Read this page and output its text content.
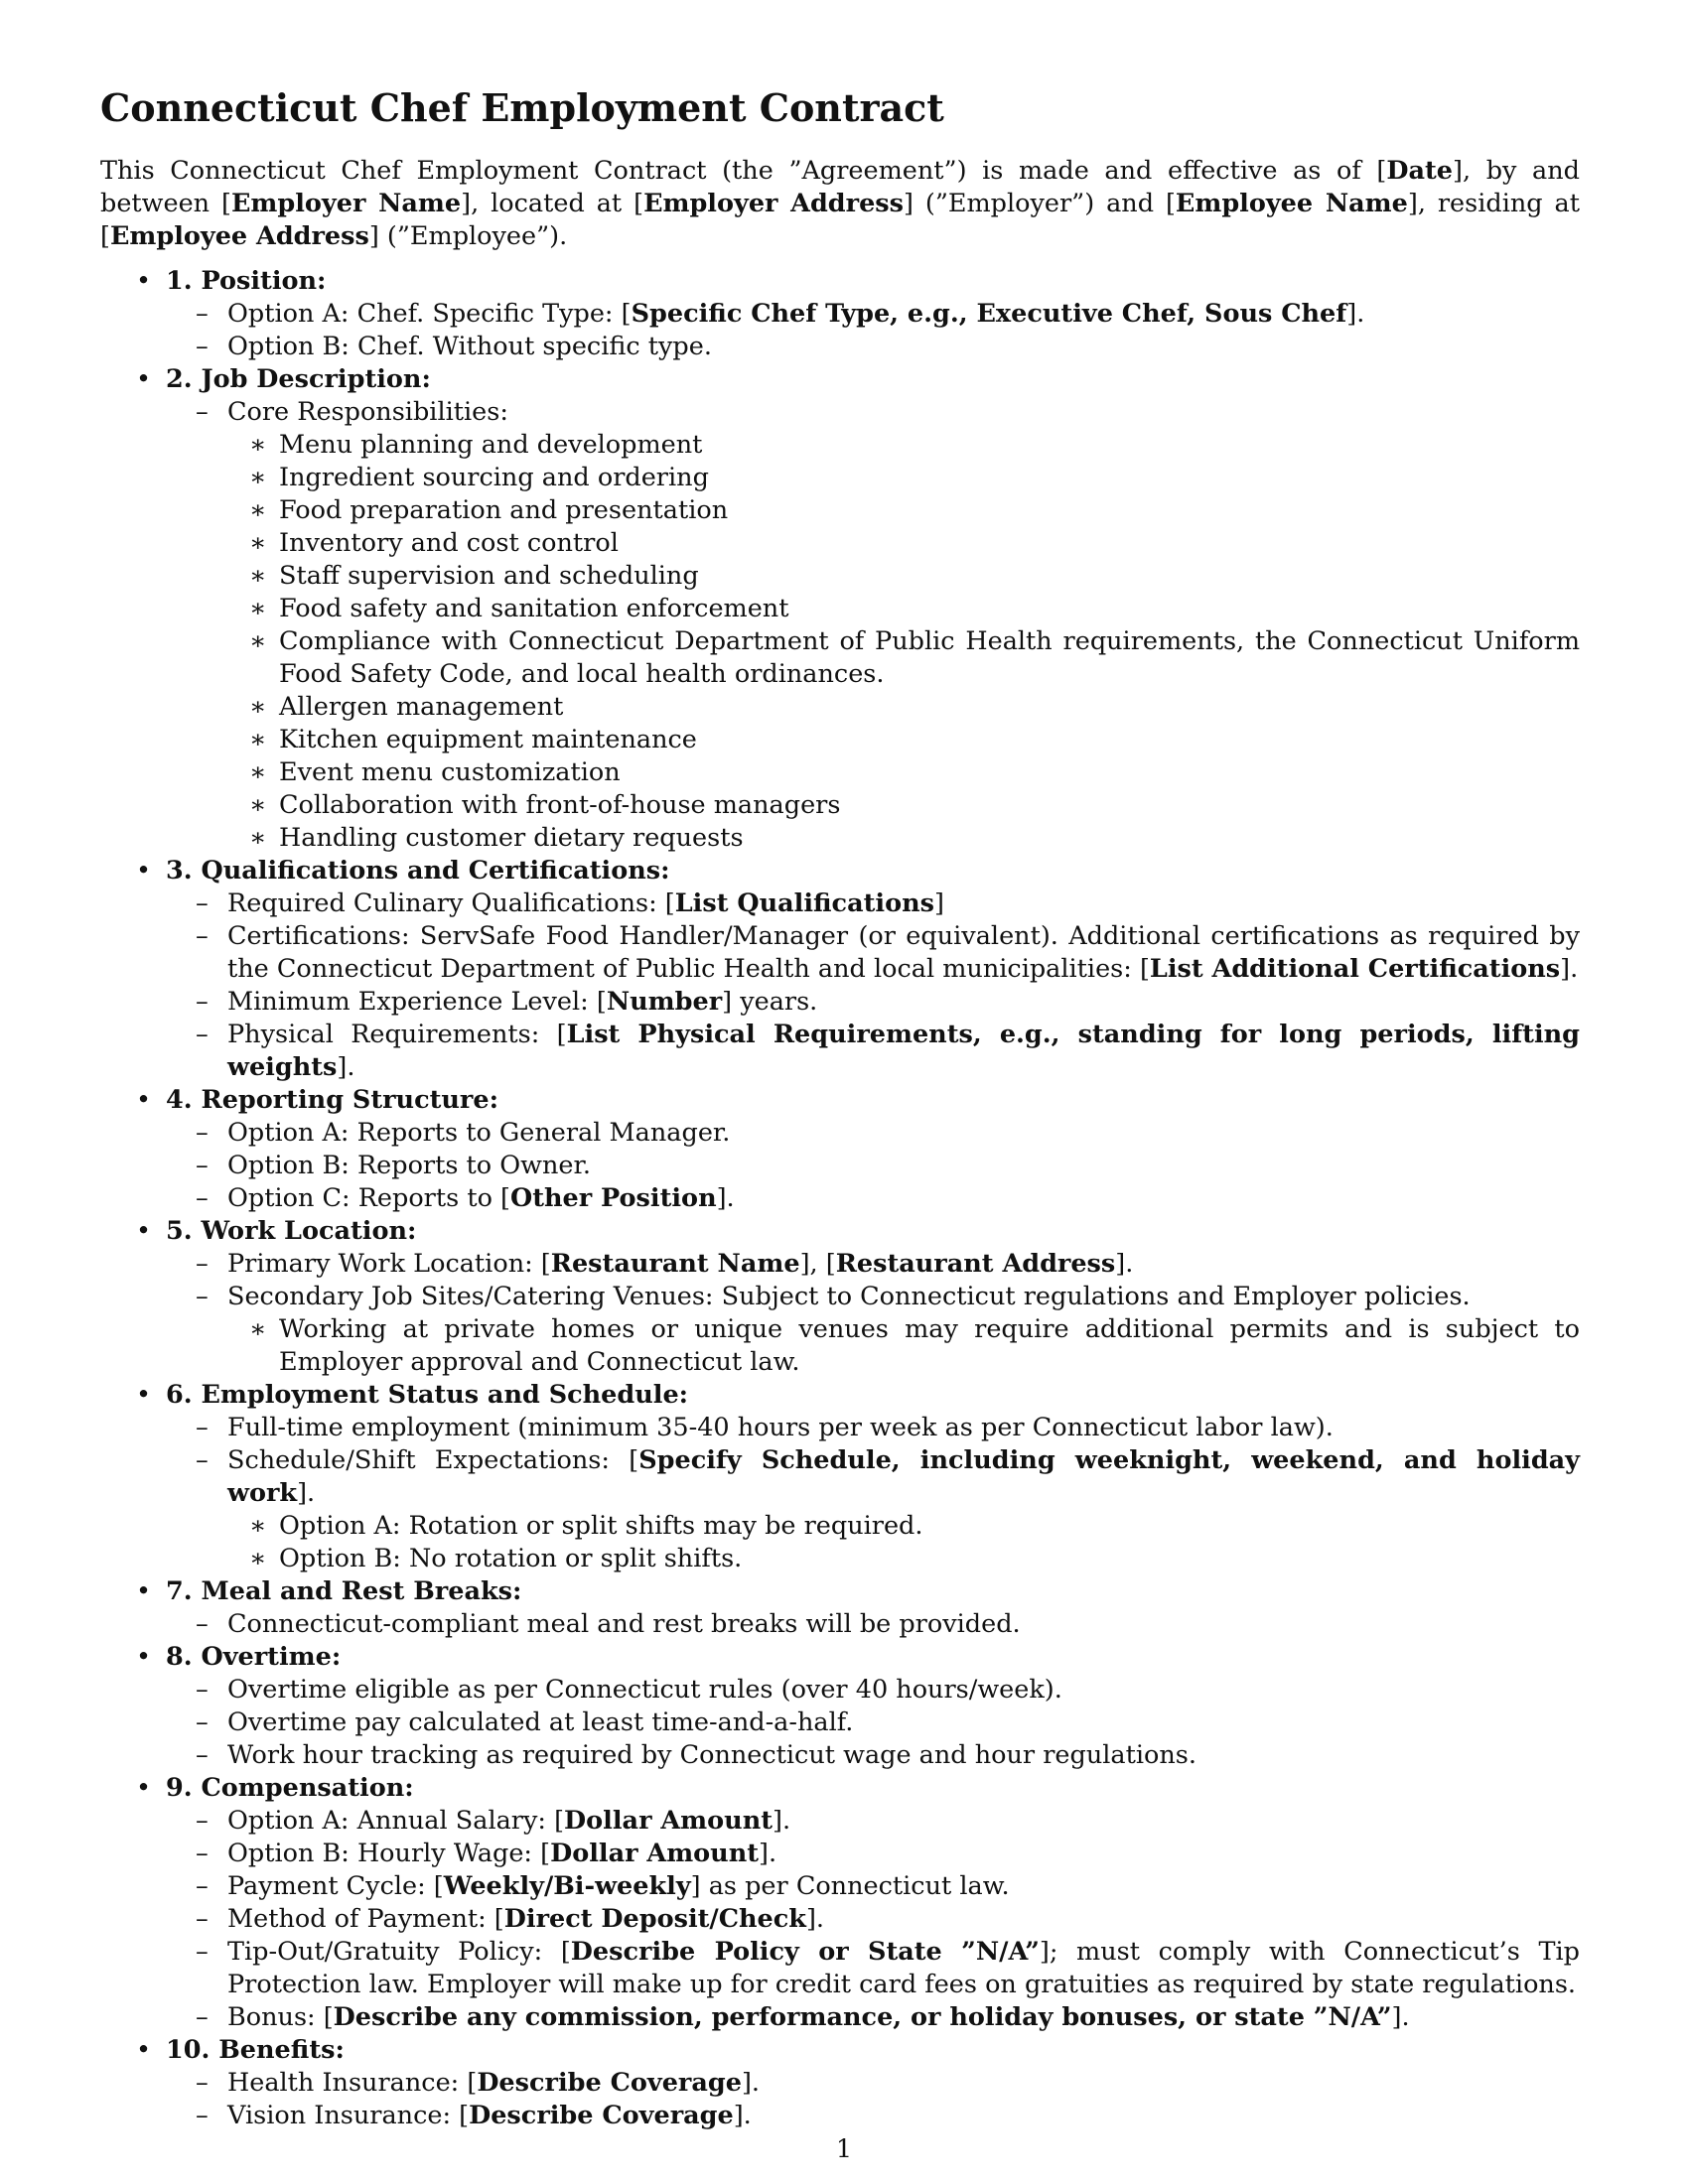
Connecticut Chef Employment Contract

This Connecticut Chef Employment Contract (the ”Agreement”) is made and effective as of [Date], by and between [Employer Name], located at [Employer Address] (”Employer”) and [Employee Name], residing at [Employee Address] (”Employee”).

• 1. Position:
– Option A: Chef. Specific Type: [Specific Chef Type, e.g., Executive Chef, Sous Chef].
– Option B: Chef. Without specific type.
• 2. Job Description:
– Core Responsibilities:
∗ Menu planning and development
∗ Ingredient sourcing and ordering
∗ Food preparation and presentation
∗ Inventory and cost control
∗ Staff supervision and scheduling
∗ Food safety and sanitation enforcement
∗ Compliance with Connecticut Department of Public Health requirements, the Connecticut Uniform Food Safety Code, and local health ordinances.
∗ Allergen management
∗ Kitchen equipment maintenance
∗ Event menu customization
∗ Collaboration with front-of-house managers
∗ Handling customer dietary requests
• 3. Qualifications and Certifications:
– Required Culinary Qualifications: [List Qualifications]
– Certifications: ServSafe Food Handler/Manager (or equivalent). Additional certifications as required by the Connecticut Department of Public Health and local municipalities: [List Additional Certifications].
– Minimum Experience Level: [Number] years.
– Physical Requirements: [List Physical Requirements, e.g., standing for long periods, lifting weights].
• 4. Reporting Structure:
– Option A: Reports to General Manager.
– Option B: Reports to Owner.
– Option C: Reports to [Other Position].
• 5. Work Location:
– Primary Work Location: [Restaurant Name], [Restaurant Address].
– Secondary Job Sites/Catering Venues: Subject to Connecticut regulations and Employer policies.
∗ Working at private homes or unique venues may require additional permits and is subject to Employer approval and Connecticut law.
• 6. Employment Status and Schedule:
– Full-time employment (minimum 35-40 hours per week as per Connecticut labor law).
– Schedule/Shift Expectations: [Specify Schedule, including weeknight, weekend, and holiday work].
∗ Option A: Rotation or split shifts may be required.
∗ Option B: No rotation or split shifts.
• 7. Meal and Rest Breaks:
– Connecticut-compliant meal and rest breaks will be provided.
• 8. Overtime:
– Overtime eligible as per Connecticut rules (over 40 hours/week).
– Overtime pay calculated at least time-and-a-half.
– Work hour tracking as required by Connecticut wage and hour regulations.
• 9. Compensation:
– Option A: Annual Salary: [Dollar Amount].
– Option B: Hourly Wage: [Dollar Amount].
– Payment Cycle: [Weekly/Bi-weekly] as per Connecticut law.
– Method of Payment: [Direct Deposit/Check].
– Tip-Out/Gratuity Policy: [Describe Policy or State ”N/A”]; must comply with Connecticut’s Tip Protection law. Employer will make up for credit card fees on gratuities as required by state regulations.
– Bonus: [Describe any commission, performance, or holiday bonuses, or state ”N/A”].
• 10. Benefits:
– Health Insurance: [Describe Coverage].
– Vision Insurance: [Describe Coverage].
1
